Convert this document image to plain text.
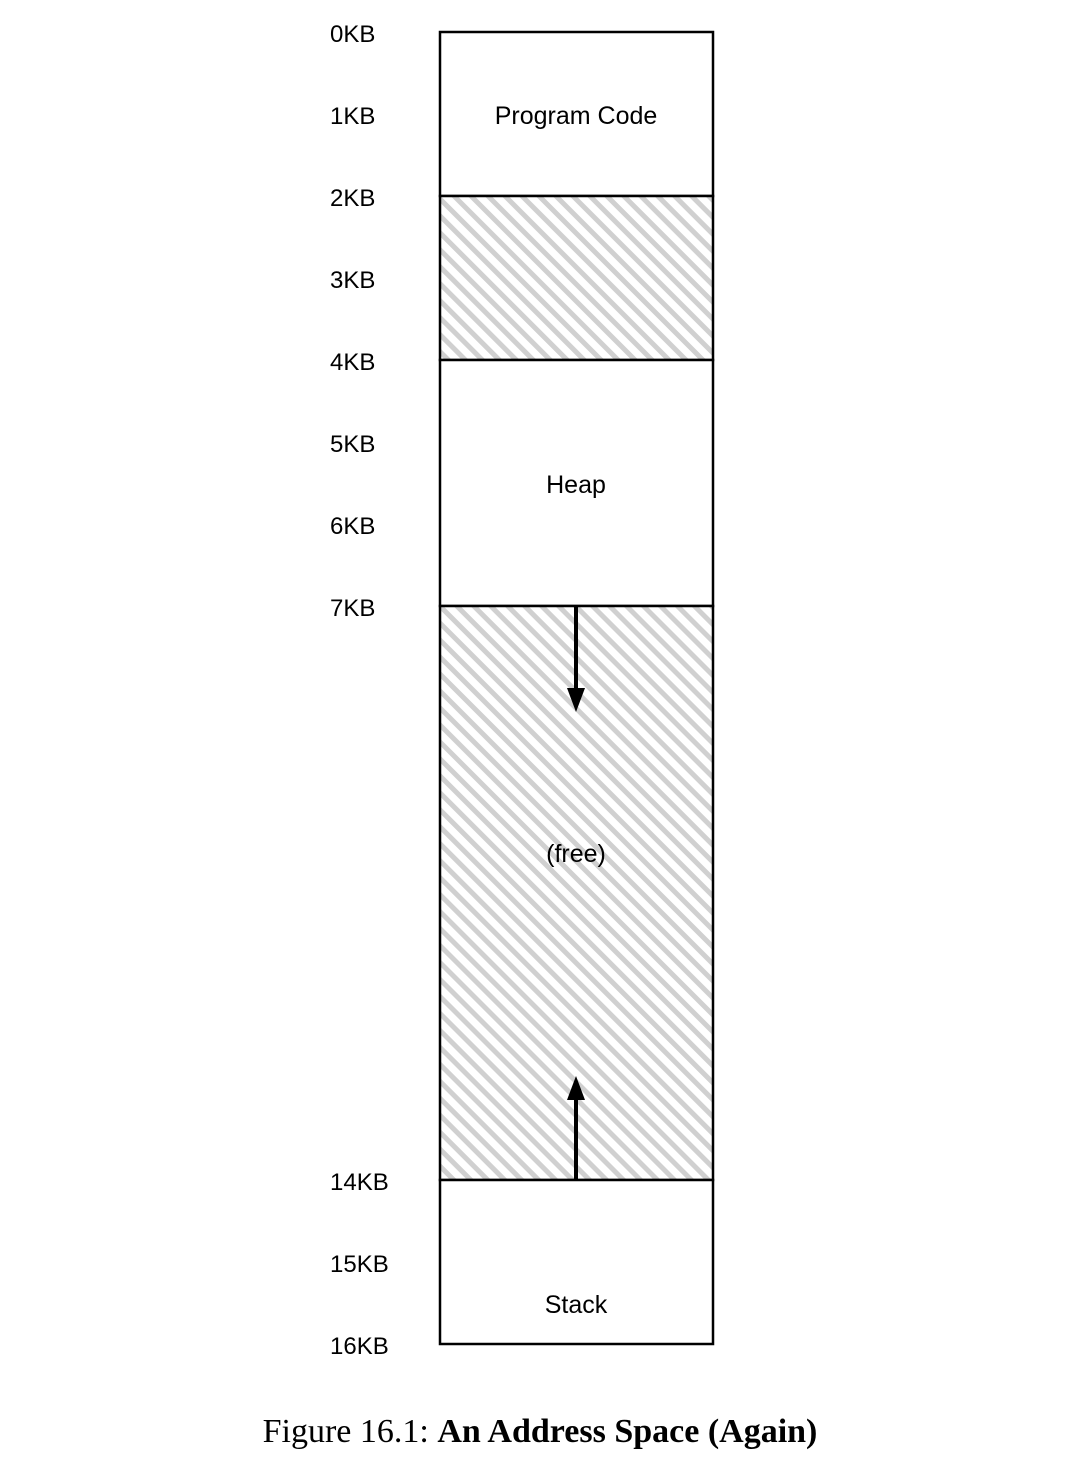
0KB
1KB
2KB
3KB
4KB
5KB
6KB
7KB
14KB
15KB
16KB
Program Code
Heap
(free)
Stack
Figure 16.1: An Address Space (Again)
